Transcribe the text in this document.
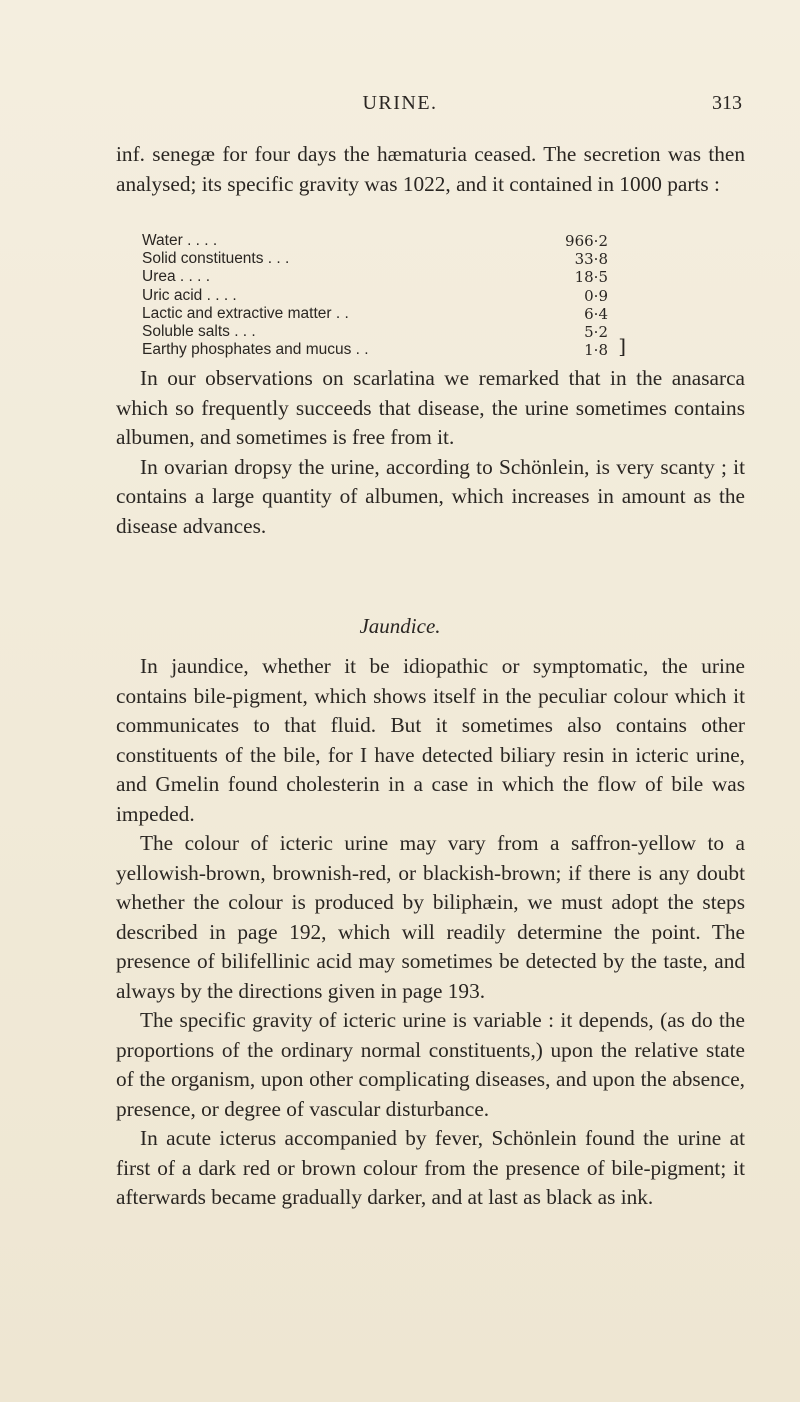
URINE.	313

inf. senegæ for four days the hæmaturia ceased. The secretion was then analysed; its specific gravity was 1022, and it contained in 1000 parts :

Water . . . .	966·2
Solid constituents . . .	33·8
Urea . . . .	18·5
Uric acid . . . .	0·9
Lactic and extractive matter . .	6·4
Soluble salts . . .	5·2
Earthy phosphates and mucus . .	1·8 ]

In our observations on scarlatina we remarked that in the anasarca which so frequently succeeds that disease, the urine sometimes contains albumen, and sometimes is free from it.

In ovarian dropsy the urine, according to Schönlein, is very scanty ; it contains a large quantity of albumen, which increases in amount as the disease advances.

Jaundice.

In jaundice, whether it be idiopathic or symptomatic, the urine contains bile-pigment, which shows itself in the peculiar colour which it communicates to that fluid. But it sometimes also contains other constituents of the bile, for I have detected biliary resin in icteric urine, and Gmelin found cholesterin in a case in which the flow of bile was impeded.

The colour of icteric urine may vary from a saffron-yellow to a yellowish-brown, brownish-red, or blackish-brown; if there is any doubt whether the colour is produced by biliphæin, we must adopt the steps described in page 192, which will readily determine the point. The presence of bilifellinic acid may sometimes be detected by the taste, and always by the directions given in page 193.

The specific gravity of icteric urine is variable : it depends, (as do the proportions of the ordinary normal constituents,) upon the relative state of the organism, upon other complicating diseases, and upon the absence, presence, or degree of vascular disturbance.

In acute icterus accompanied by fever, Schönlein found the urine at first of a dark red or brown colour from the presence of bile-pigment; it afterwards became gradually darker, and at last as black as ink.
